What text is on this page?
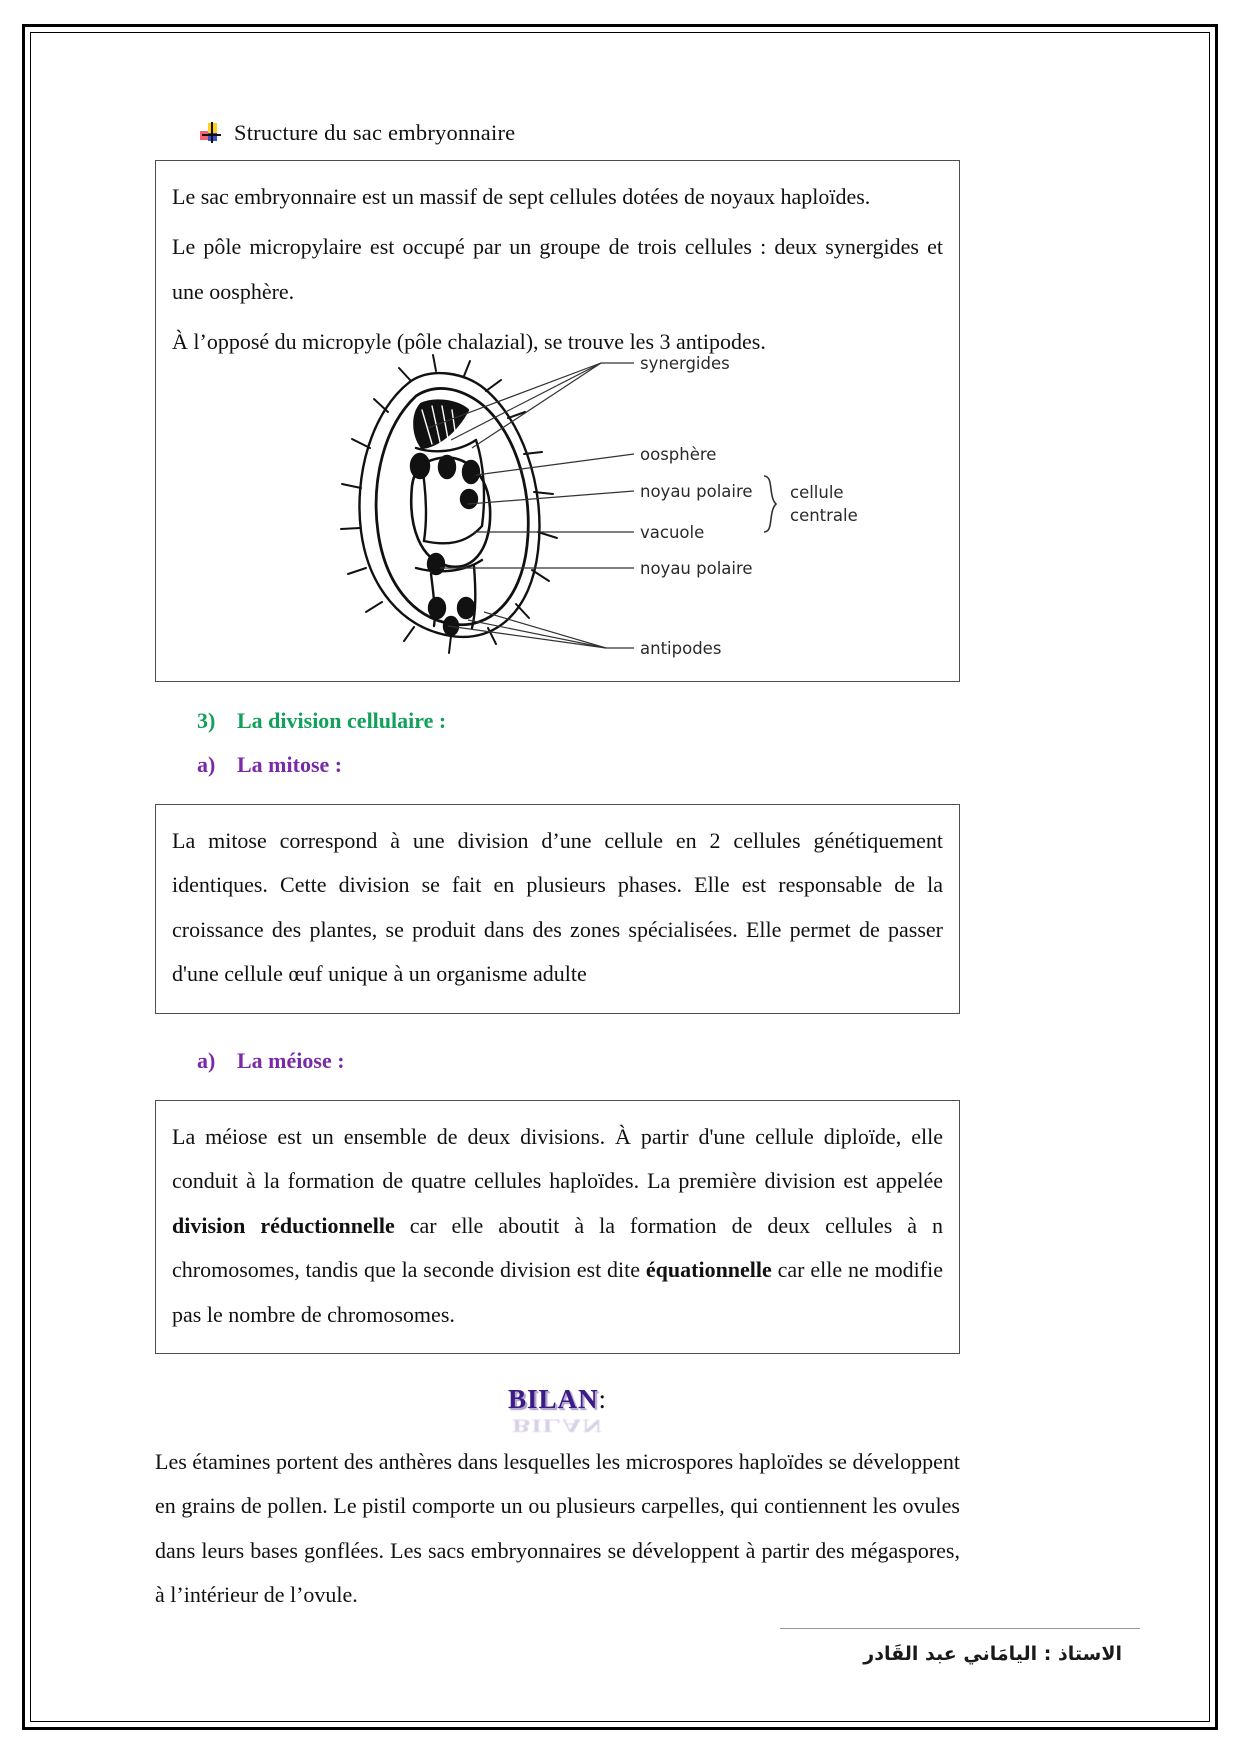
Structure du sac embryonnaire

Le sac embryonnaire est un massif de sept cellules dotées de noyaux haploïdes.

Le pôle micropylaire est occupé par un groupe de trois cellules : deux synergides et une oosphère.

À l’opposé du micropyle (pôle chalazial), se trouve les 3 antipodes.

synergides
oosphère
noyau polaire
vacuole
noyau polaire
cellule
centrale
antipodes
3) La division cellulaire :
a) La mitose :

La mitose correspond à une division d’une cellule en 2 cellules génétiquement identiques. Cette division se fait en plusieurs phases. Elle est responsable de la croissance des plantes, se produit dans des zones spécialisées. Elle permet de passer d'une cellule œuf unique à un organisme adulte

a) La méiose :

La méiose est un ensemble de deux divisions. À partir d'une cellule diploïde, elle conduit à la formation de quatre cellules haploïdes. La première division est appelée division réductionnelle car elle aboutit à la formation de deux cellules à n chromosomes, tandis que la seconde division est dite équationnelle car elle ne modifie pas le nombre de chromosomes.

BILAN:
BILAN

Les étamines portent des anthères dans lesquelles les microspores haploïdes se développent en grains de pollen. Le pistil comporte un ou plusieurs carpelles, qui contiennent les ovules dans leurs bases gonflées. Les sacs embryonnaires se développent à partir des mégaspores, à l’intérieur de l’ovule.

الاستاذ : اليامَاني عبد القَادر
